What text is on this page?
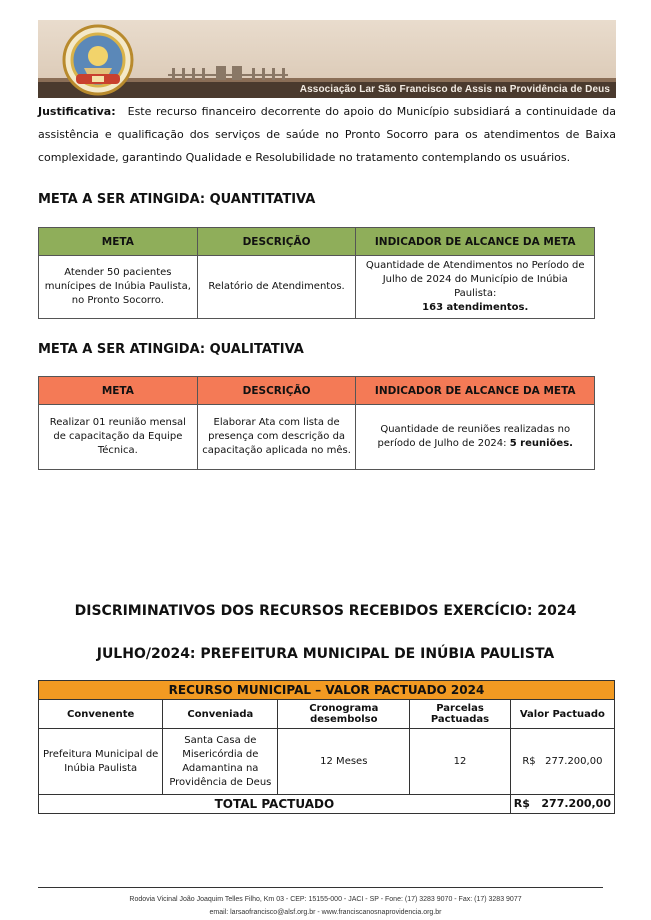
Associação Lar São Francisco de Assis na Providência de Deus
Justificativa: Este recurso financeiro decorrente do apoio do Município subsidiará a continuidade da assistência e qualificação dos serviços de saúde no Pronto Socorro para os atendimentos de Baixa complexidade, garantindo Qualidade e Resolubilidade no tratamento contemplando os usuários.
META A SER ATINGIDA: QUANTITATIVA
META	DESCRIÇÃO	INDICADOR DE ALCANCE DA META
Atender 50 pacientes munícipes de Inúbia Paulista, no Pronto Socorro.	Relatório de Atendimentos.	Quantidade de Atendimentos no Período de Julho de 2024 do Município de Inúbia Paulista:
163 atendimentos.
META A SER ATINGIDA: QUALITATIVA
META	DESCRIÇÃO	INDICADOR DE ALCANCE DA META
Realizar 01 reunião mensal de capacitação da Equipe Técnica.	Elaborar Ata com lista de presença com descrição da capacitação aplicada no mês.	Quantidade de reuniões realizadas no período de Julho de 2024: 5 reuniões.
DISCRIMINATIVOS DOS RECURSOS RECEBIDOS EXERCÍCIO: 2024
JULHO/2024: PREFEITURA MUNICIPAL DE INÚBIA PAULISTA
RECURSO MUNICIPAL – VALOR PACTUADO 2024				
Convenente	Conveniada	Cronograma desembolso	Parcelas Pactuadas	Valor Pactuado
Prefeitura Municipal de Inúbia Paulista	Santa Casa de Misericórdia de Adamantina na Providência de Deus	12 Meses	12	R$   277.200,00
TOTAL PACTUADO				R$   277.200,00
Rodovia Vicinal João Joaquim Telles Filho, Km 03 - CEP: 15155-000 - JACI - SP - Fone: (17) 3283 9070 - Fax: (17) 3283 9077
email: larsaofrancisco@alsf.org.br - www.franciscanosnaprovidencia.org.br
